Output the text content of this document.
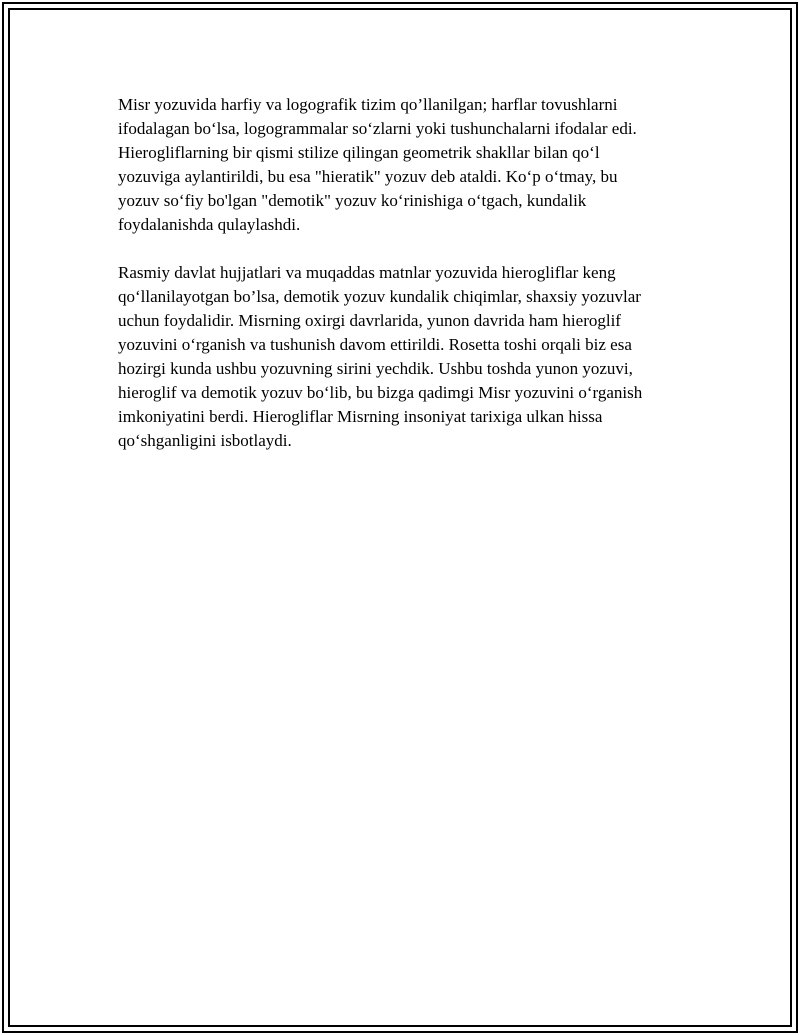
Misr yozuvida harfiy va logografik tizim qo’llanilgan; harflar tovushlarni
ifodalagan bo‘lsa, logogrammalar so‘zlarni yoki tushunchalarni ifodalar edi.
Hierogliflarning bir qismi stilize qilingan geometrik shakllar bilan qo‘l
yozuviga aylantirildi, bu esa "hieratik" yozuv deb ataldi. Ko‘p o‘tmay, bu
yozuv so‘fiy bo'lgan "demotik" yozuv ko‘rinishiga o‘tgach, kundalik
foydalanishda qulaylashdi.

Rasmiy davlat hujjatlari va muqaddas matnlar yozuvida hierogliflar keng
qo‘llanilayotgan bo’lsa, demotik yozuv kundalik chiqimlar, shaxsiy yozuvlar
uchun foydalidir. Misrning oxirgi davrlarida, yunon davrida ham hieroglif
yozuvini o‘rganish va tushunish davom ettirildi. Rosetta toshi orqali biz esa
hozirgi kunda ushbu yozuvning sirini yechdik. Ushbu toshda yunon yozuvi,
hieroglif va demotik yozuv bo‘lib, bu bizga qadimgi Misr yozuvini o‘rganish
imkoniyatini berdi. Hierogliflar Misrning insoniyat tarixiga ulkan hissa
qo‘shganligini isbotlaydi.
